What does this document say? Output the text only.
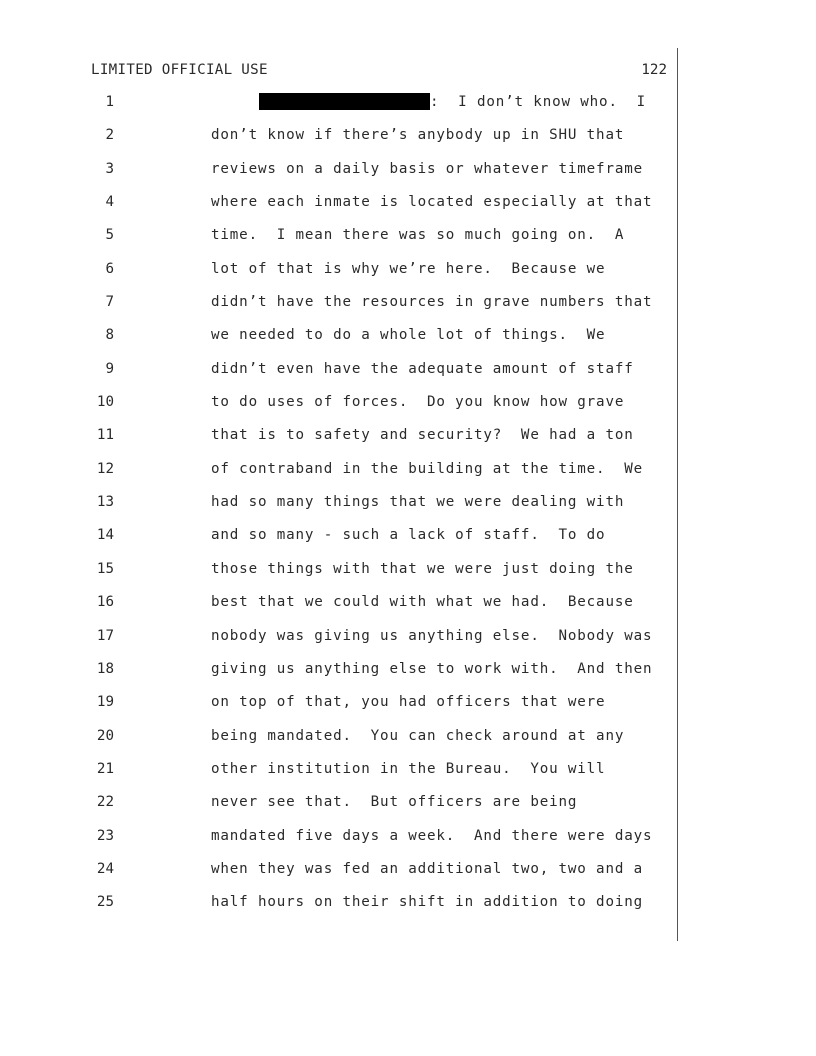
LIMITED OFFICIAL USE	122
1	:  I don’t know who.  I
2	don’t know if there’s anybody up in SHU that
3	reviews on a daily basis or whatever timeframe
4	where each inmate is located especially at that
5	time.  I mean there was so much going on.  A
6	lot of that is why we’re here.  Because we
7	didn’t have the resources in grave numbers that
8	we needed to do a whole lot of things.  We
9	didn’t even have the adequate amount of staff
10	to do uses of forces.  Do you know how grave
11	that is to safety and security?  We had a ton
12	of contraband in the building at the time.  We
13	had so many things that we were dealing with
14	and so many - such a lack of staff.  To do
15	those things with that we were just doing the
16	best that we could with what we had.  Because
17	nobody was giving us anything else.  Nobody was
18	giving us anything else to work with.  And then
19	on top of that, you had officers that were
20	being mandated.  You can check around at any
21	other institution in the Bureau.  You will
22	never see that.  But officers are being
23	mandated five days a week.  And there were days
24	when they was fed an additional two, two and a
25	half hours on their shift in addition to doing
